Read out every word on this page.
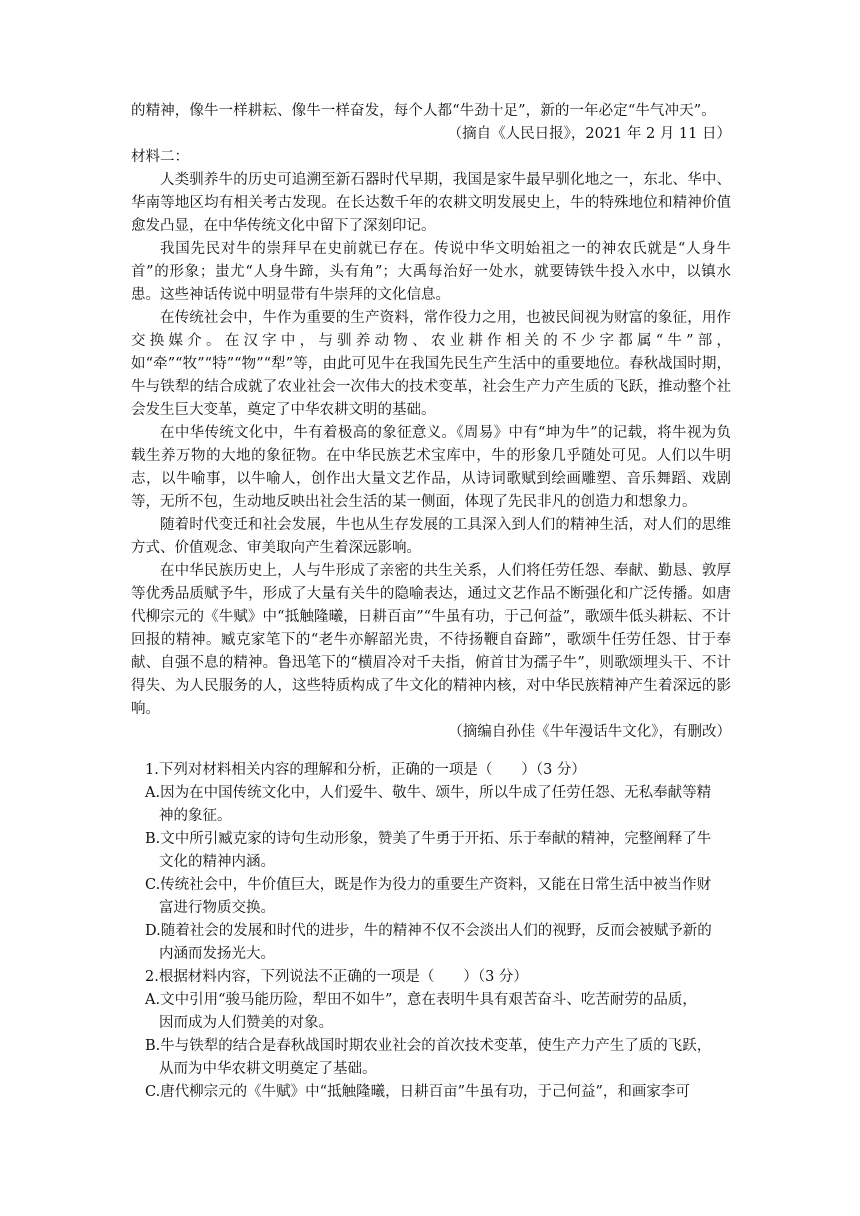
的精神，像牛一样耕耘、像牛一样奋发，每个人都“牛劲十足”，新的一年必定“牛气冲天”。

（摘自《人民日报》，2021 年 2 月 11 日）

材料二：

人类驯养牛的历史可追溯至新石器时代早期，我国是家牛最早驯化地之一，东北、华中、华南等地区均有相关考古发现。在长达数千年的农耕文明发展史上，牛的特殊地位和精神价值愈发凸显，在中华传统文化中留下了深刻印记。

我国先民对牛的崇拜早在史前就已存在。传说中华文明始祖之一的神农氏就是“人身牛首”的形象；蚩尤“人身牛蹄，头有角”；大禹每治好一处水，就要铸铁牛投入水中，以镇水患。这些神话传说中明显带有牛崇拜的文化信息。

在传统社会中，牛作为重要的生产资料，常作役力之用，也被民间视为财富的象征，用作交换媒介。在汉字中，与驯养动物、农业耕作相关的不少字都属“牛”部，如“牵”“牧”“特”“物”“犁”等，由此可见牛在我国先民生产生活中的重要地位。春秋战国时期，牛与铁犁的结合成就了农业社会一次伟大的技术变革，社会生产力产生质的飞跃，推动整个社会发生巨大变革，奠定了中华农耕文明的基础。

在中华传统文化中，牛有着极高的象征意义。《周易》中有“坤为牛”的记载，将牛视为负载生养万物的大地的象征物。在中华民族艺术宝库中，牛的形象几乎随处可见。人们以牛明志，以牛喻事，以牛喻人，创作出大量文艺作品，从诗词歌赋到绘画雕塑、音乐舞蹈、戏剧等，无所不包，生动地反映出社会生活的某一侧面，体现了先民非凡的创造力和想象力。

随着时代变迁和社会发展，牛也从生存发展的工具深入到人们的精神生活，对人们的思维方式、价值观念、审美取向产生着深远影响。

在中华民族历史上，人与牛形成了亲密的共生关系，人们将任劳任怨、奉献、勤恳、敦厚等优秀品质赋予牛，形成了大量有关牛的隐喻表达，通过文艺作品不断强化和广泛传播。如唐代柳宗元的《牛赋》中“抵触隆曦，日耕百亩”“牛虽有功，于己何益”，歌颂牛低头耕耘、不计回报的精神。臧克家笔下的“老牛亦解韶光贵，不待扬鞭自奋蹄”，歌颂牛任劳任怨、甘于奉献、自强不息的精神。鲁迅笔下的“横眉冷对千夫指，俯首甘为孺子牛”，则歌颂埋头干、不计得失、为人民服务的人，这些特质构成了牛文化的精神内核，对中华民族精神产生着深远的影响。

（摘编自孙佳《牛年漫话牛文化》，有删改）

1.下列对材料相关内容的理解和分析，正确的一项是（　　）（3 分）

A.因为在中国传统文化中，人们爱牛、敬牛、颂牛，所以牛成了任劳任怨、无私奉献等精
神的象征。

B.文中所引臧克家的诗句生动形象，赞美了牛勇于开拓、乐于奉献的精神，完整阐释了牛
文化的精神内涵。

C.传统社会中，牛价值巨大，既是作为役力的重要生产资料，又能在日常生活中被当作财
富进行物质交换。

D.随着社会的发展和时代的进步，牛的精神不仅不会淡出人们的视野，反而会被赋予新的
内涵而发扬光大。

2.根据材料内容，下列说法不正确的一项是（　　）（3 分）

A.文中引用“骏马能历险，犁田不如牛”，意在表明牛具有艰苦奋斗、吃苦耐劳的品质，
因而成为人们赞美的对象。

B.牛与铁犁的结合是春秋战国时期农业社会的首次技术变革，使生产力产生了质的飞跃，
从而为中华农耕文明奠定了基础。

C.唐代柳宗元的《牛赋》中“抵触隆曦，日耕百亩”牛虽有功，于己何益”，和画家李可
